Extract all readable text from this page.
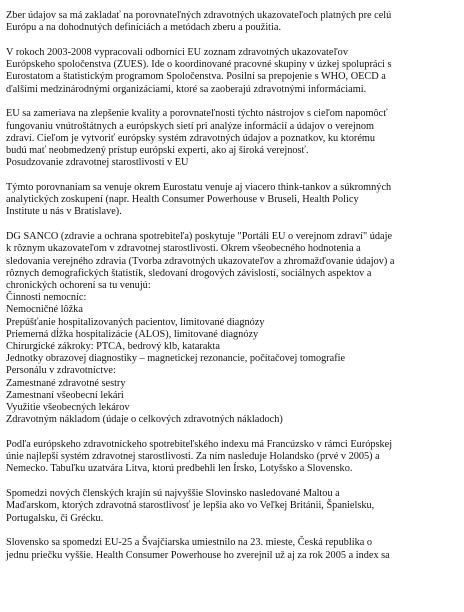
Zber údajov sa má zakladať na porovnateľných zdravotných ukazovateľoch platných pre celú
Európu a na dohodnutých definíciách a metódach zberu a použitia.

V rokoch 2003-2008 vypracovali odborníci EU zoznam zdravotných ukazovateľov
Európskeho spoločenstva (ZUES). Ide o koordinované pracovné skupiny v úzkej spolupráci s
Eurostatom a štatistickým programom Spoločenstva. Posilní sa prepojenie s WHO, OECD a
ďalšími medzinárodnými organizáciami, ktoré sa zaoberajú zdravotnými informáciami.

EU sa zameriava na zlepšenie kvality a porovnateľnosti týchto nástrojov s cieľom napomôcť
fungovaniu vnútroštátnych a európskych sietí pri analýze informácií a údajov o verejnom
zdraví. Cieľom je vytvoriť európsky systém zdravotných údajov a poznatkov, ku ktorému
budú mať neobmedzený prístup európski experti, ako aj široká verejnosť.
Posudzovanie zdravotnej starostlivosti v EU

Týmto porovnaniam sa venuje okrem Eurostatu venuje aj viacero think-tankov a súkromných
analytických zoskupení (napr. Health Consumer Powerhouse v Bruseli, Health Policy
Institute u nás v Bratislave).

DG SANCO (zdravie a ochrana spotrebiteľa) poskytuje "Portáli EU o verejnom zdraví" údaje
k rôznym ukazovateľom v zdravotnej starostlivosti. Okrem všeobecného hodnotenia a
sledovania verejného zdravia (Tvorba zdravotných ukazovateľov a zhromažďovanie údajov) a
rôznych demografických štatistík, sledovaní drogových závislostí, sociálnych aspektov a
chronických ochorení sa tu venujú:
Činnosti nemocníc:
Nemocničné lôžka
Prepúšťanie hospitalizovaných pacientov, limitované diagnózy
Priemerná dĺžka hospitalizácie (ALOS), limitované diagnózy
Chirurgické zákroky: PTCA, bedrový klb, katarakta
Jednotky obrazovej diagnostiky – magnetickej rezonancie, počítačovej tomografie
Personálu v zdravotníctve:
Zamestnané zdravotné sestry
Zamestnaní všeobecní lekári
Využitie všeobecných lekárov
Zdravotným nákladom (údaje o celkových zdravotných nákladoch)

Podľa európskeho zdravotníckeho spotrebiteľského indexu má Francúzsko v rámci Európskej
únie najlepší systém zdravotnej starostlivosti. Za ním nasleduje Holandsko (prvé v 2005) a
Nemecko. Tabuľku uzatvára Litva, ktorú predbehli len Írsko, Lotyšsko a Slovensko.

Spomedzi nových členských krajín sú najvyššie Slovinsko nasledované Maltou a
Maďarskom, ktorých zdravotná starostlivosť je lepšia ako vo Veľkej Británii, Španielsku,
Portugalsku, či Grécku.

Slovensko sa spomedzi EU-25 a Švajčiarska umiestnilo na 23. mieste, Česká republika o
jednu priečku vyššie. Health Consumer Powerhouse ho zverejnil už aj za rok 2005 a index sa
